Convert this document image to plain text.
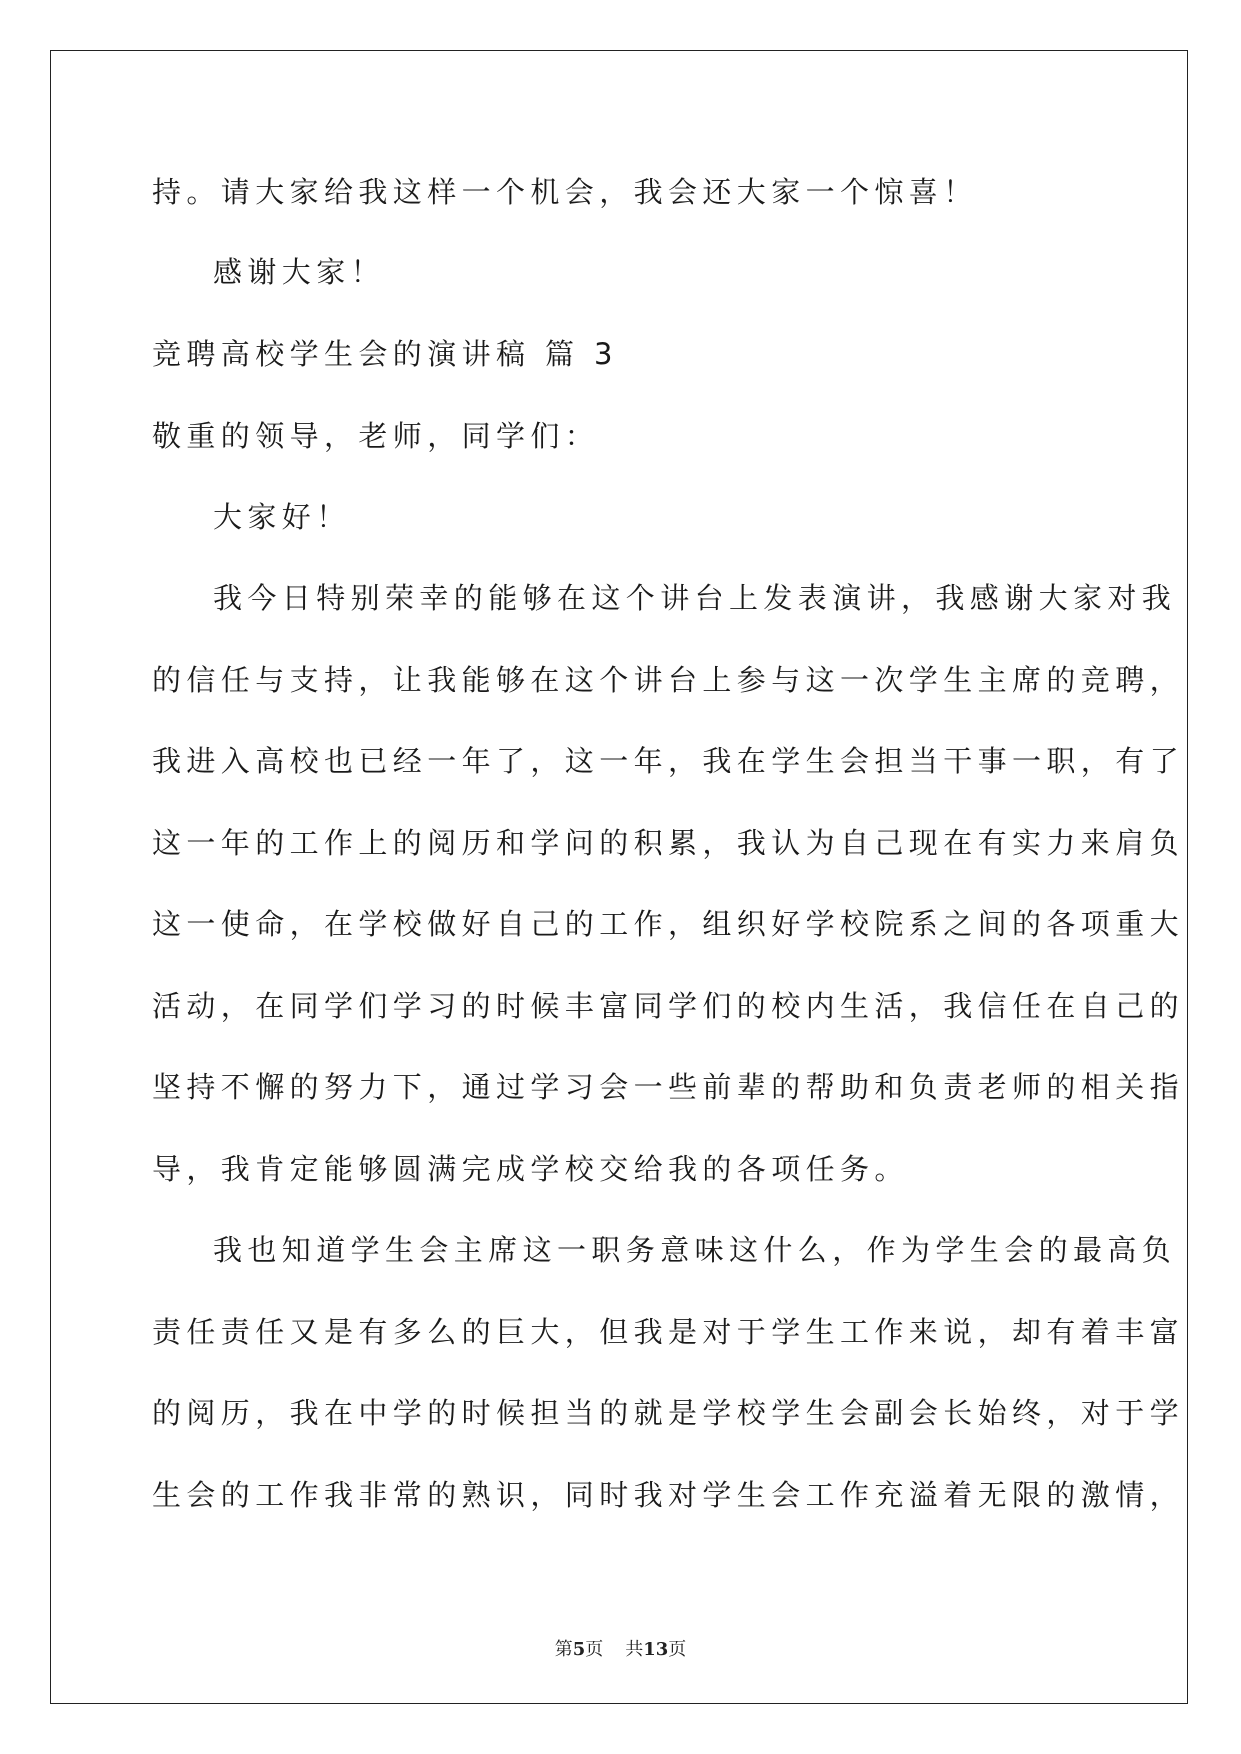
持。请大家给我这样一个机会，我会还大家一个惊喜！
感谢大家！
竞聘高校学生会的演讲稿 篇 3
敬重的领导，老师，同学们：
大家好！
我今日特别荣幸的能够在这个讲台上发表演讲，我感谢大家对我
的信任与支持，让我能够在这个讲台上参与这一次学生主席的竞聘，
我进入高校也已经一年了，这一年，我在学生会担当干事一职，有了
这一年的工作上的阅历和学问的积累，我认为自己现在有实力来肩负
这一使命，在学校做好自己的工作，组织好学校院系之间的各项重大
活动，在同学们学习的时候丰富同学们的校内生活，我信任在自己的
坚持不懈的努力下，通过学习会一些前辈的帮助和负责老师的相关指
导，我肯定能够圆满完成学校交给我的各项任务。
我也知道学生会主席这一职务意味这什么，作为学生会的最高负
责任责任又是有多么的巨大，但我是对于学生工作来说，却有着丰富
的阅历，我在中学的时候担当的就是学校学生会副会长始终，对于学
生会的工作我非常的熟识，同时我对学生会工作充溢着无限的激情，
第5页 共13页
